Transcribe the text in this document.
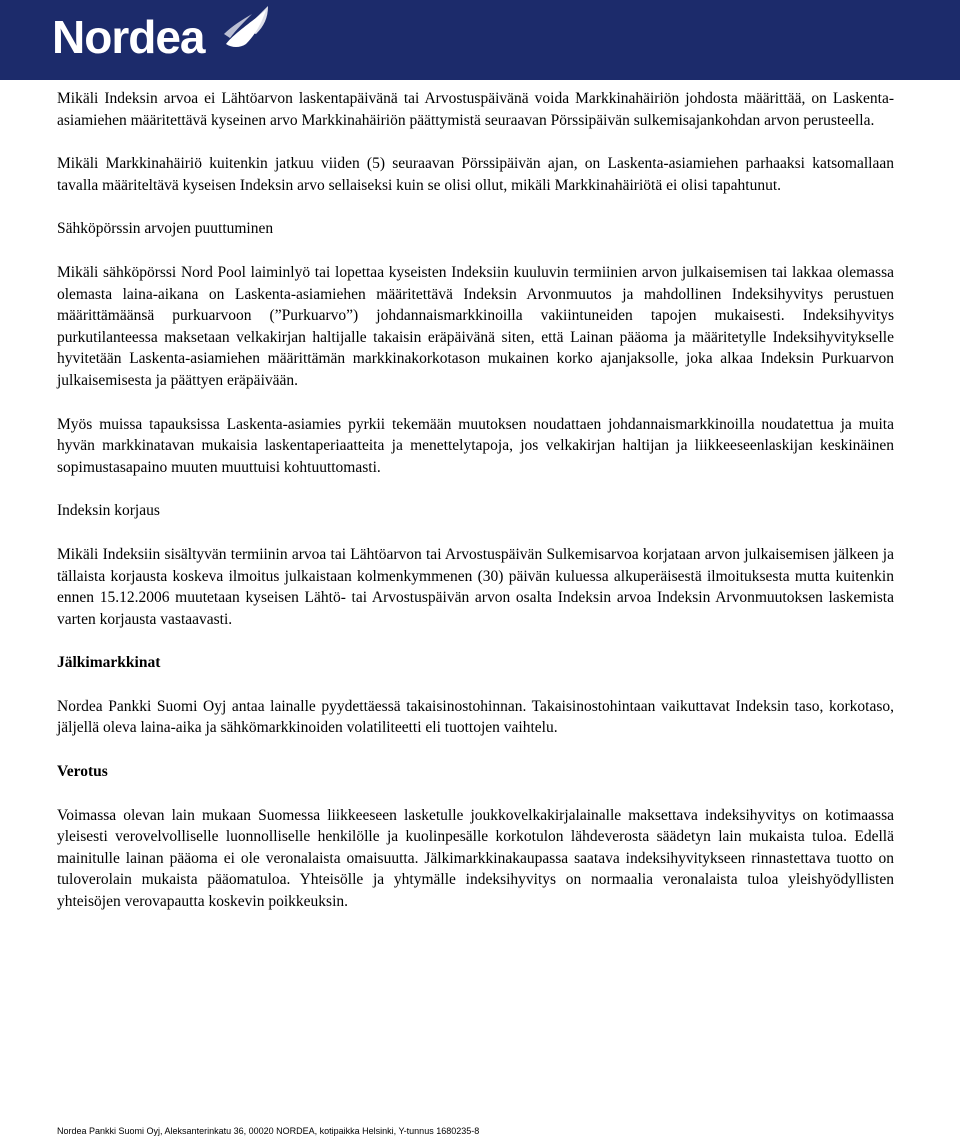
Nordea

Mikäli Indeksin arvoa ei Lähtöarvon laskentapäivänä tai Arvostuspäivänä voida Markkinahäiriön johdosta määrittää, on Laskenta-asiamiehen määritettävä kyseinen arvo Markkinahäiriön päättymistä seuraavan Pörssipäivän sulkemisajankohdan arvon perusteella.

Mikäli Markkinahäiriö kuitenkin jatkuu viiden (5) seuraavan Pörssipäivän ajan, on Laskenta-asiamiehen parhaaksi katsomallaan tavalla määriteltävä kyseisen Indeksin arvo sellaiseksi kuin se olisi ollut, mikäli Markkinahäiriötä ei olisi tapahtunut.

Sähköpörssin arvojen puuttuminen

Mikäli sähköpörssi Nord Pool laiminlyö tai lopettaa kyseisten Indeksiin kuuluvin termiinien arvon julkaisemisen tai lakkaa olemassa olemasta laina-aikana on Laskenta-asiamiehen määritettävä Indeksin Arvonmuutos ja mahdollinen Indeksihyvitys perustuen määrittämäänsä purkuarvoon (”Purkuarvo”) johdannaismarkkinoilla vakiintuneiden tapojen mukaisesti. Indeksihyvitys purkutilanteessa maksetaan velkakirjan haltijalle takaisin eräpäivänä siten, että Lainan pääoma ja määritetylle Indeksihyvitykselle hyvitetään Laskenta-asiamiehen määrittämän markkinakorkotason mukainen korko ajanjaksolle, joka alkaa Indeksin Purkuarvon julkaisemisesta ja päättyen eräpäivään.

Myös muissa tapauksissa Laskenta-asiamies pyrkii tekemään muutoksen noudattaen johdannaismarkkinoilla noudatettua ja muita hyvän markkinatavan mukaisia laskentaperiaatteita ja menettelytapoja, jos velkakirjan haltijan ja liikkeeseenlaskijan keskinäinen sopimustasapaino muuten muuttuisi kohtuuttomasti.

Indeksin korjaus

Mikäli Indeksiin sisältyvän termiinin arvoa tai Lähtöarvon tai Arvostuspäivän Sulkemisarvoa korjataan arvon julkaisemisen jälkeen ja tällaista korjausta koskeva ilmoitus julkaistaan kolmenkymmenen (30) päivän kuluessa alkuperäisestä ilmoituksesta mutta kuitenkin ennen 15.12.2006 muutetaan kyseisen Lähtö- tai Arvostuspäivän arvon osalta Indeksin arvoa Indeksin Arvonmuutoksen laskemista varten korjausta vastaavasti.

Jälkimarkkinat

Nordea Pankki Suomi Oyj antaa lainalle pyydettäessä takaisinostohinnan. Takaisinostohintaan vaikuttavat Indeksin taso, korkotaso, jäljellä oleva laina-aika ja sähkömarkkinoiden volatiliteetti eli tuottojen vaihtelu.

Verotus

Voimassa olevan lain mukaan Suomessa liikkeeseen lasketulle joukkovelkakirjalainalle maksettava indeksihyvitys on kotimaassa yleisesti verovelvolliselle luonnolliselle henkilölle ja kuolinpesälle korkotulon lähdeverosta säädetyn lain mukaista tuloa. Edellä mainitulle lainan pääoma ei ole veronalaista omaisuutta. Jälkimarkkinakaupassa saatava indeksihyvitykseen rinnastettava tuotto on tuloverolain mukaista pääomatuloa. Yhteisölle ja yhtymälle indeksihyvitys on normaalia veronalaista tuloa yleishyödyllisten yhteisöjen verovapautta koskevin poikkeuksin.

Nordea Pankki Suomi Oyj, Aleksanterinkatu 36, 00020 NORDEA, kotipaikka Helsinki, Y-tunnus 1680235-8
